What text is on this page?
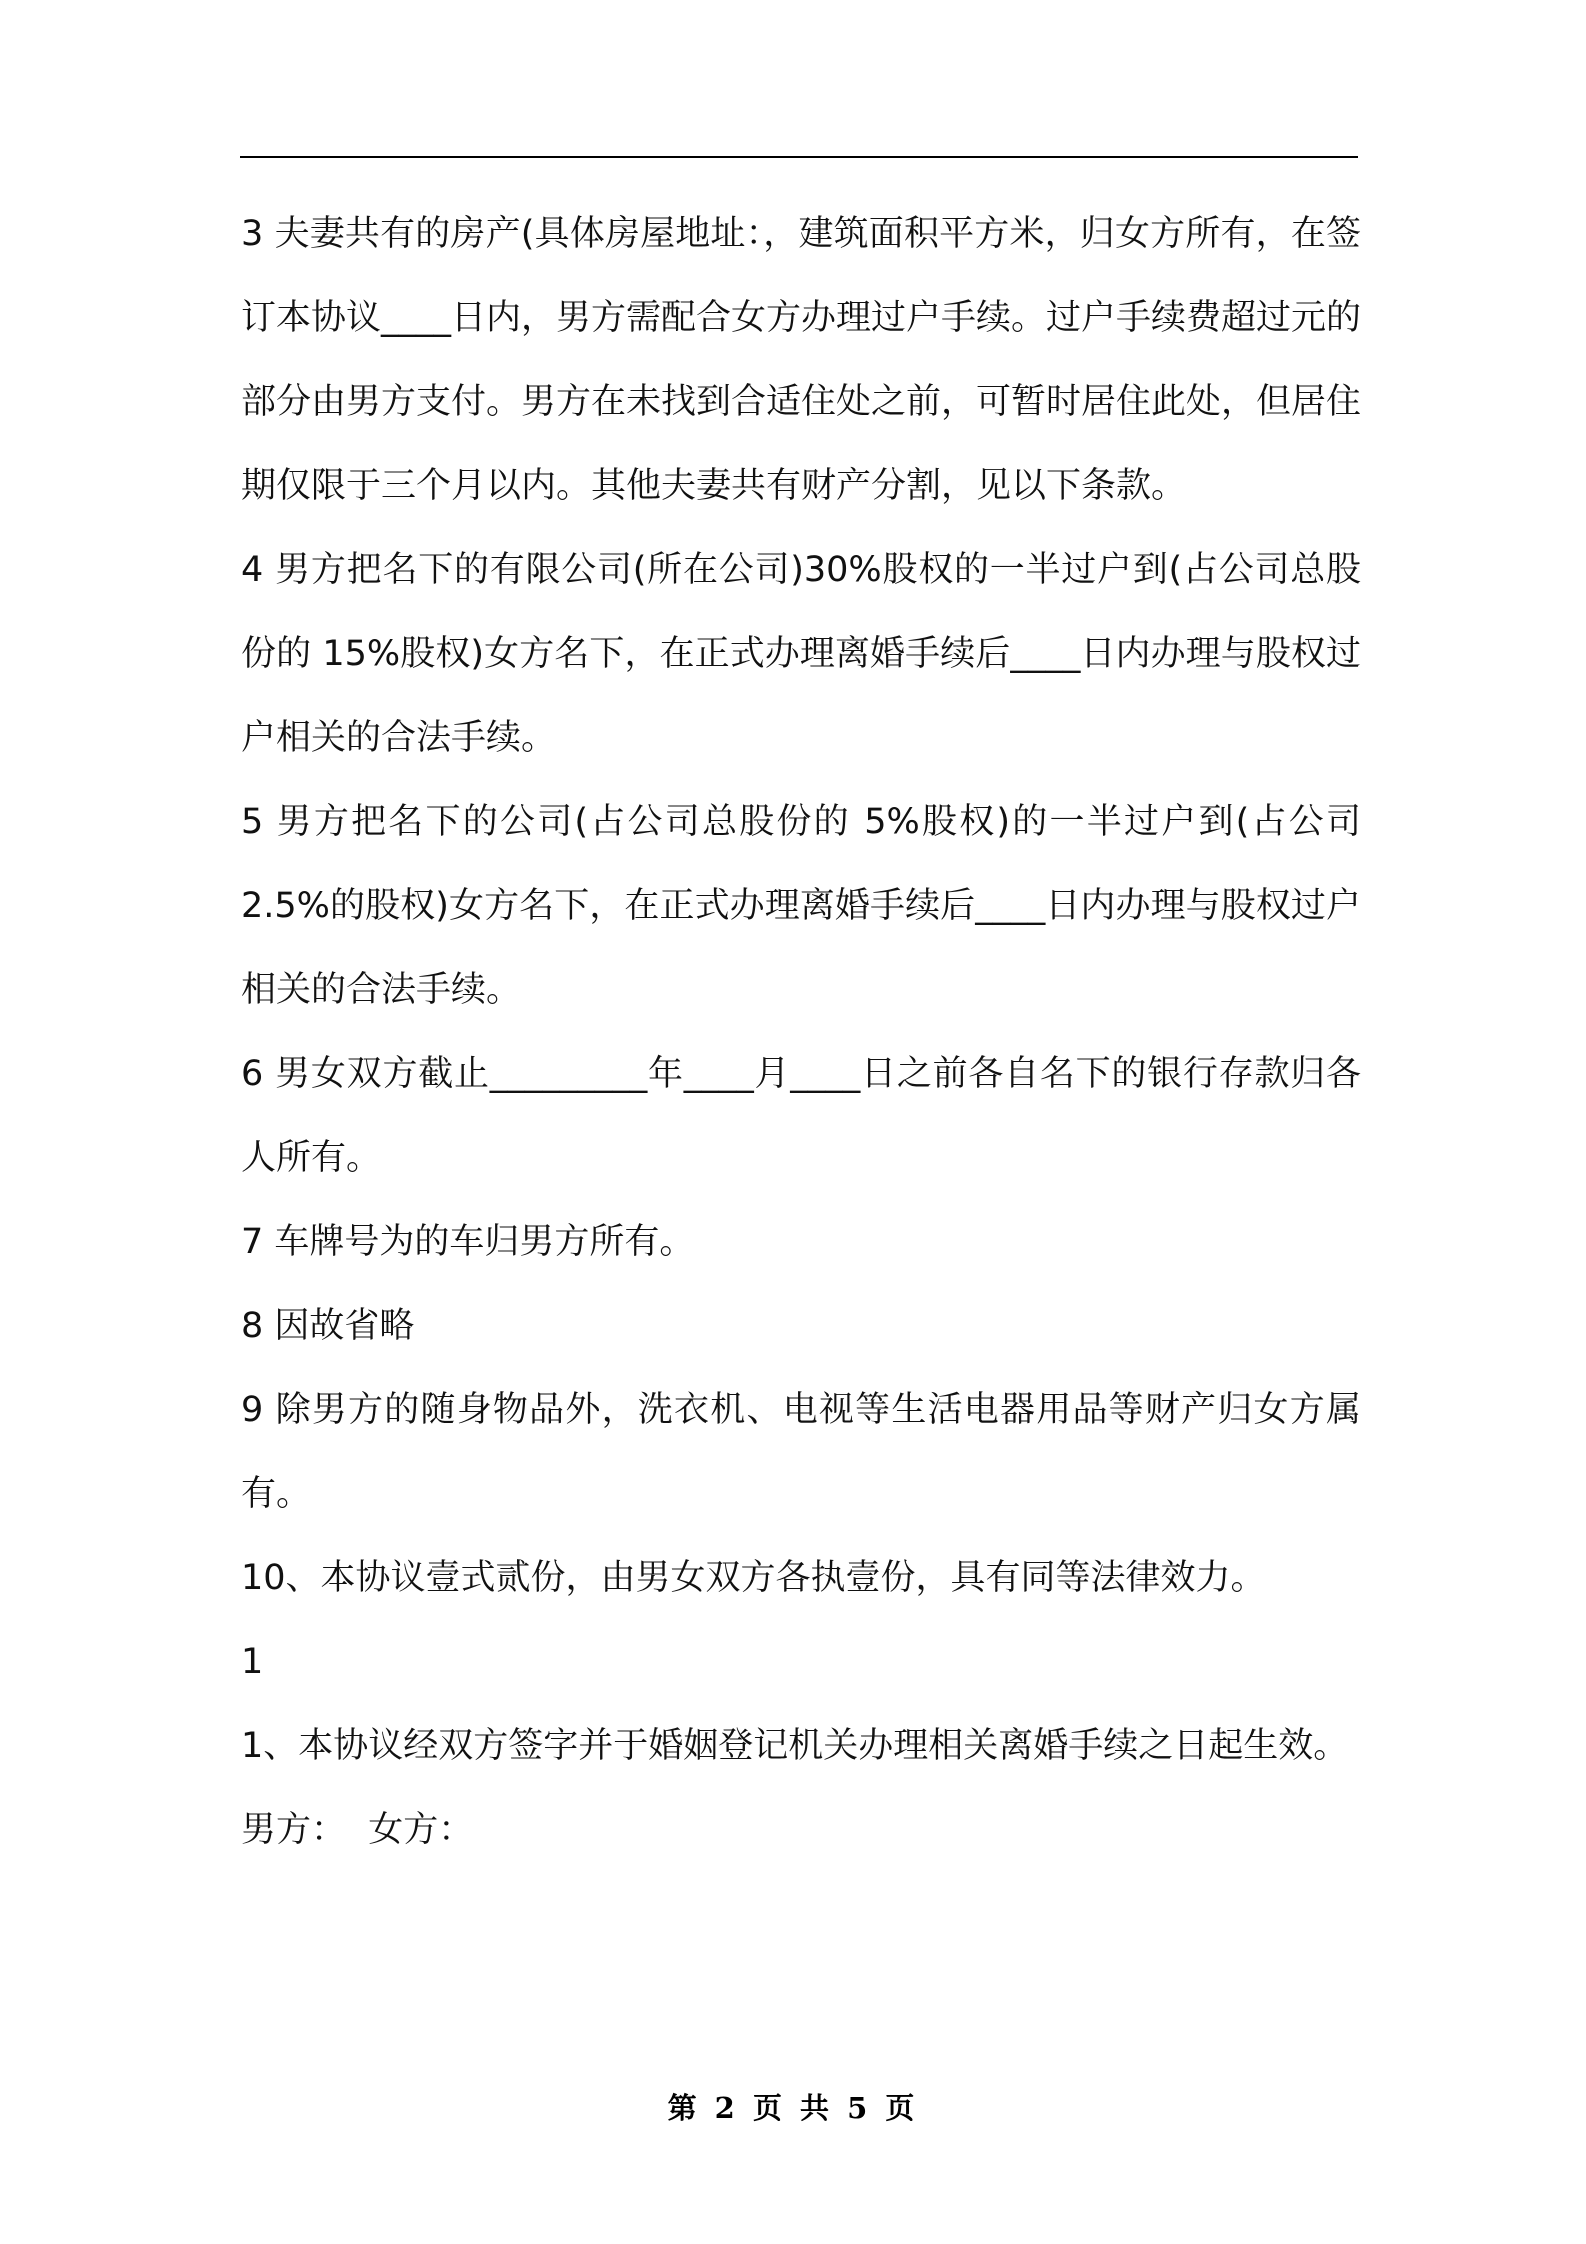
3 夫妻共有的房产(具体房屋地址：，建筑面积平方米，归女方所有，在签订本协议____日内，男方需配合女方办理过户手续。过户手续费超过元的部分由男方支付。男方在未找到合适住处之前，可暂时居住此处，但居住期仅限于三个月以内。其他夫妻共有财产分割，见以下条款。

4 男方把名下的有限公司(所在公司)30%股权的一半过户到(占公司总股份的 15%股权)女方名下，在正式办理离婚手续后____日内办理与股权过户相关的合法手续。

5 男方把名下的公司(占公司总股份的 5%股权)的一半过户到(占公司2.5%的股权)女方名下，在正式办理离婚手续后____日内办理与股权过户相关的合法手续。

6 男女双方截止_________年____月____日之前各自名下的银行存款归各人所有。

7 车牌号为的车归男方所有。

8 因故省略

9 除男方的随身物品外，洗衣机、电视等生活电器用品等财产归女方属有。

10、本协议壹式贰份，由男女双方各执壹份，具有同等法律效力。

1

1、本协议经双方签字并于婚姻登记机关办理相关离婚手续之日起生效。

男方：  女方：

第 2 页 共 5 页
